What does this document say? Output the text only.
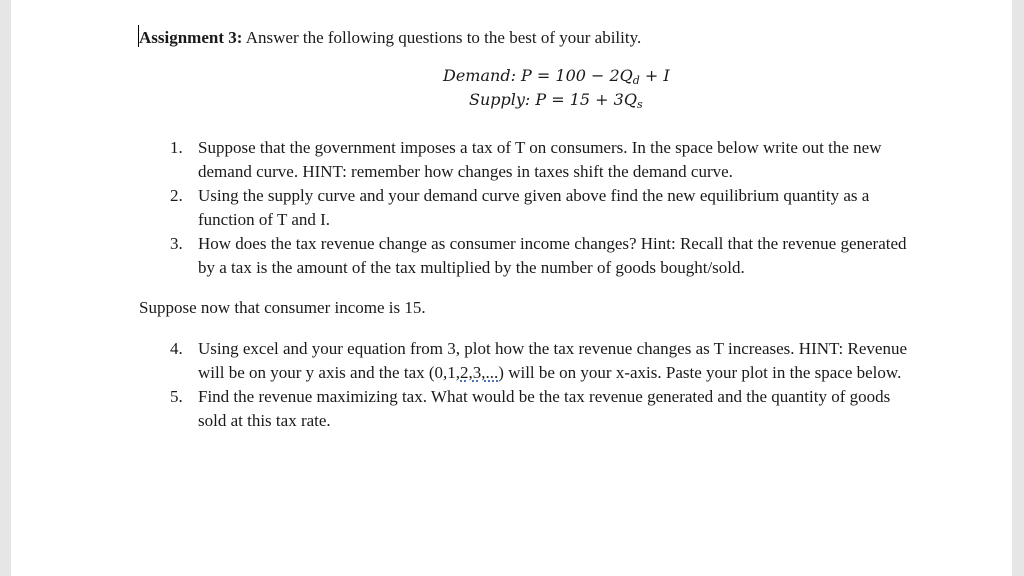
Assignment 3: Answer the following questions to the best of your ability.
Demand: $P = 100 - 2Q_d + I$
Supply: $P = 15 + 3Q_s$
1. Suppose that the government imposes a tax of T on consumers. In the space below write out the new demand curve. HINT: remember how changes in taxes shift the demand curve.
2. Using the supply curve and your demand curve given above find the new equilibrium quantity as a function of T and I.
3. How does the tax revenue change as consumer income changes? Hint: Recall that the revenue generated by a tax is the amount of the tax multiplied by the number of goods bought/sold.
Suppose now that consumer income is 15.
4. Using excel and your equation from 3, plot how the tax revenue changes as T increases. HINT: Revenue will be on your y axis and the tax (0,1,2,3,...) will be on your x-axis. Paste your plot in the space below.
5. Find the revenue maximizing tax. What would be the tax revenue generated and the quantity of goods sold at this tax rate.
